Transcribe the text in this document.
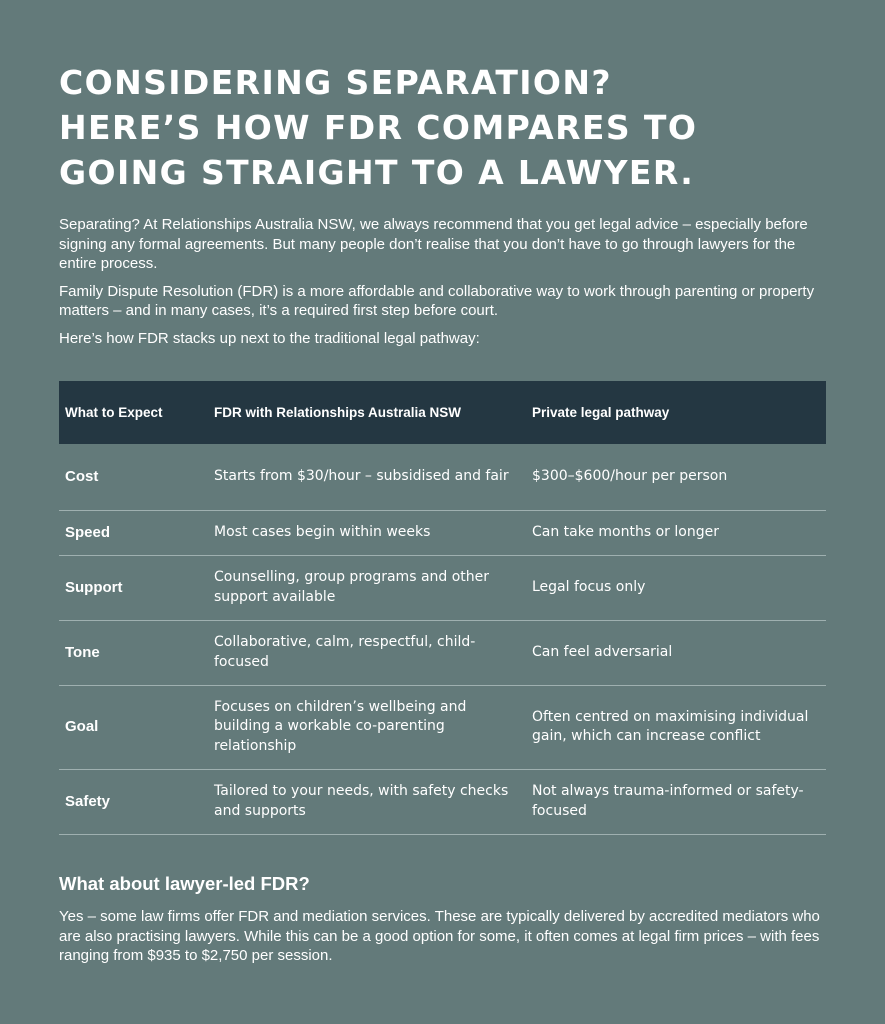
CONSIDERING SEPARATION?
HERE’S HOW FDR COMPARES TO
GOING STRAIGHT TO A LAWYER.

Separating? At Relationships Australia NSW, we always recommend that you get legal advice – especially before signing any formal agreements. But many people don’t realise that you don’t have to go through lawyers for the entire process.

Family Dispute Resolution (FDR) is a more affordable and collaborative way to work through parenting or property matters – and in many cases, it’s a required first step before court.

Here’s how FDR stacks up next to the traditional legal pathway:

What to Expect	FDR with Relationships Australia NSW	Private legal pathway
Cost	Starts from $30/hour – subsidised and fair	$300–$600/hour per person
Speed	Most cases begin within weeks	Can take months or longer
Support	Counselling, group programs and other support available	Legal focus only
Tone	Collaborative, calm, respectful, child-focused	Can feel adversarial
Goal	Focuses on children’s wellbeing and building a workable co-parenting relationship	Often centred on maximising individual gain, which can increase conflict
Safety	Tailored to your needs, with safety checks and supports	Not always trauma-informed or safety-focused
What about lawyer-led FDR?

Yes – some law firms offer FDR and mediation services. These are typically delivered by accredited mediators who are also practising lawyers. While this can be a good option for some, it often comes at legal firm prices – with fees ranging from $935 to $2,750 per session.
